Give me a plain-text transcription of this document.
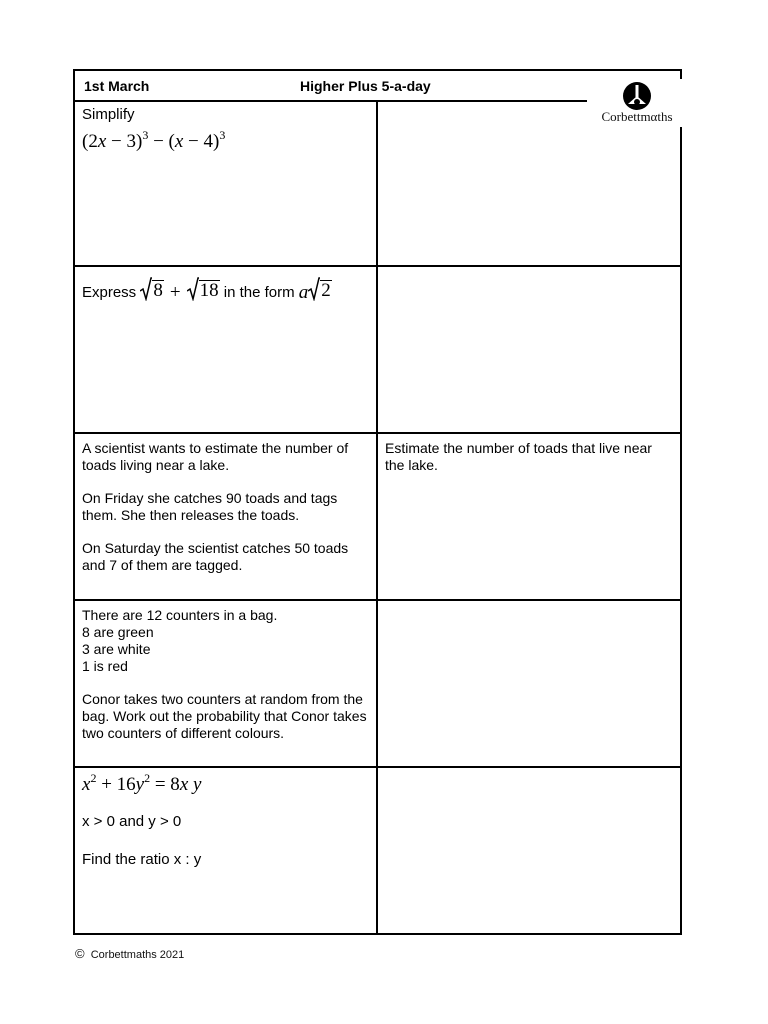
1st March	Higher Plus 5-a-day
Corbettmαths

Simplify

$(2x - 3)^3 - (x - 4)^3$
Express
8 + 18
in the form
a 2

A scientist wants to estimate the number of toads living near a lake.

On Friday she catches 90 toads and tags them. She then releases the toads.

On Saturday the scientist catches 50 toads and 7 of them are tagged.

Estimate the number of toads that live near the lake.

There are 12 counters in a bag.

8 are green

3 are white

1 is red

Conor takes two counters at random from the bag. Work out the probability that Conor takes two counters of different colours.

$x^2 + 16y^2 = 8x$ y

x > 0 and y > 0

Find the ratio x : y

© Corbettmaths 2021
